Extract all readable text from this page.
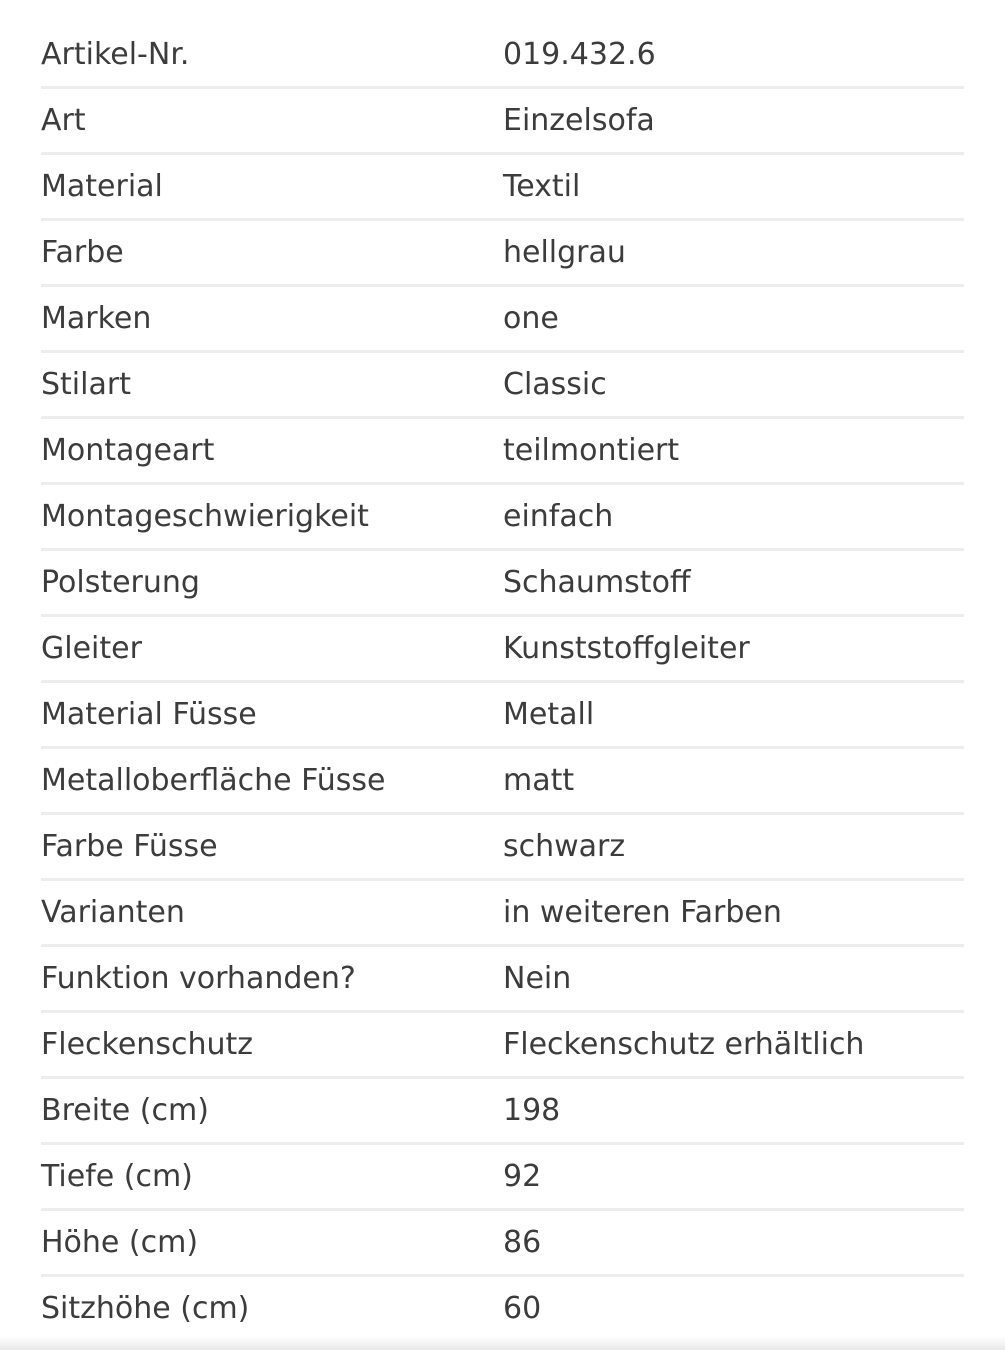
Artikel-Nr.	019.432.6
Art	Einzelsofa
Material	Textil
Farbe	hellgrau
Marken	one
Stilart	Classic
Montageart	teilmontiert
Montageschwierigkeit	einfach
Polsterung	Schaumstoff
Gleiter	Kunststoffgleiter
Material Füsse	Metall
Metalloberfläche Füsse	matt
Farbe Füsse	schwarz
Varianten	in weiteren Farben
Funktion vorhanden?	Nein
Fleckenschutz	Fleckenschutz erhältlich
Breite (cm)	198
Tiefe (cm)	92
Höhe (cm)	86
Sitzhöhe (cm)	60
